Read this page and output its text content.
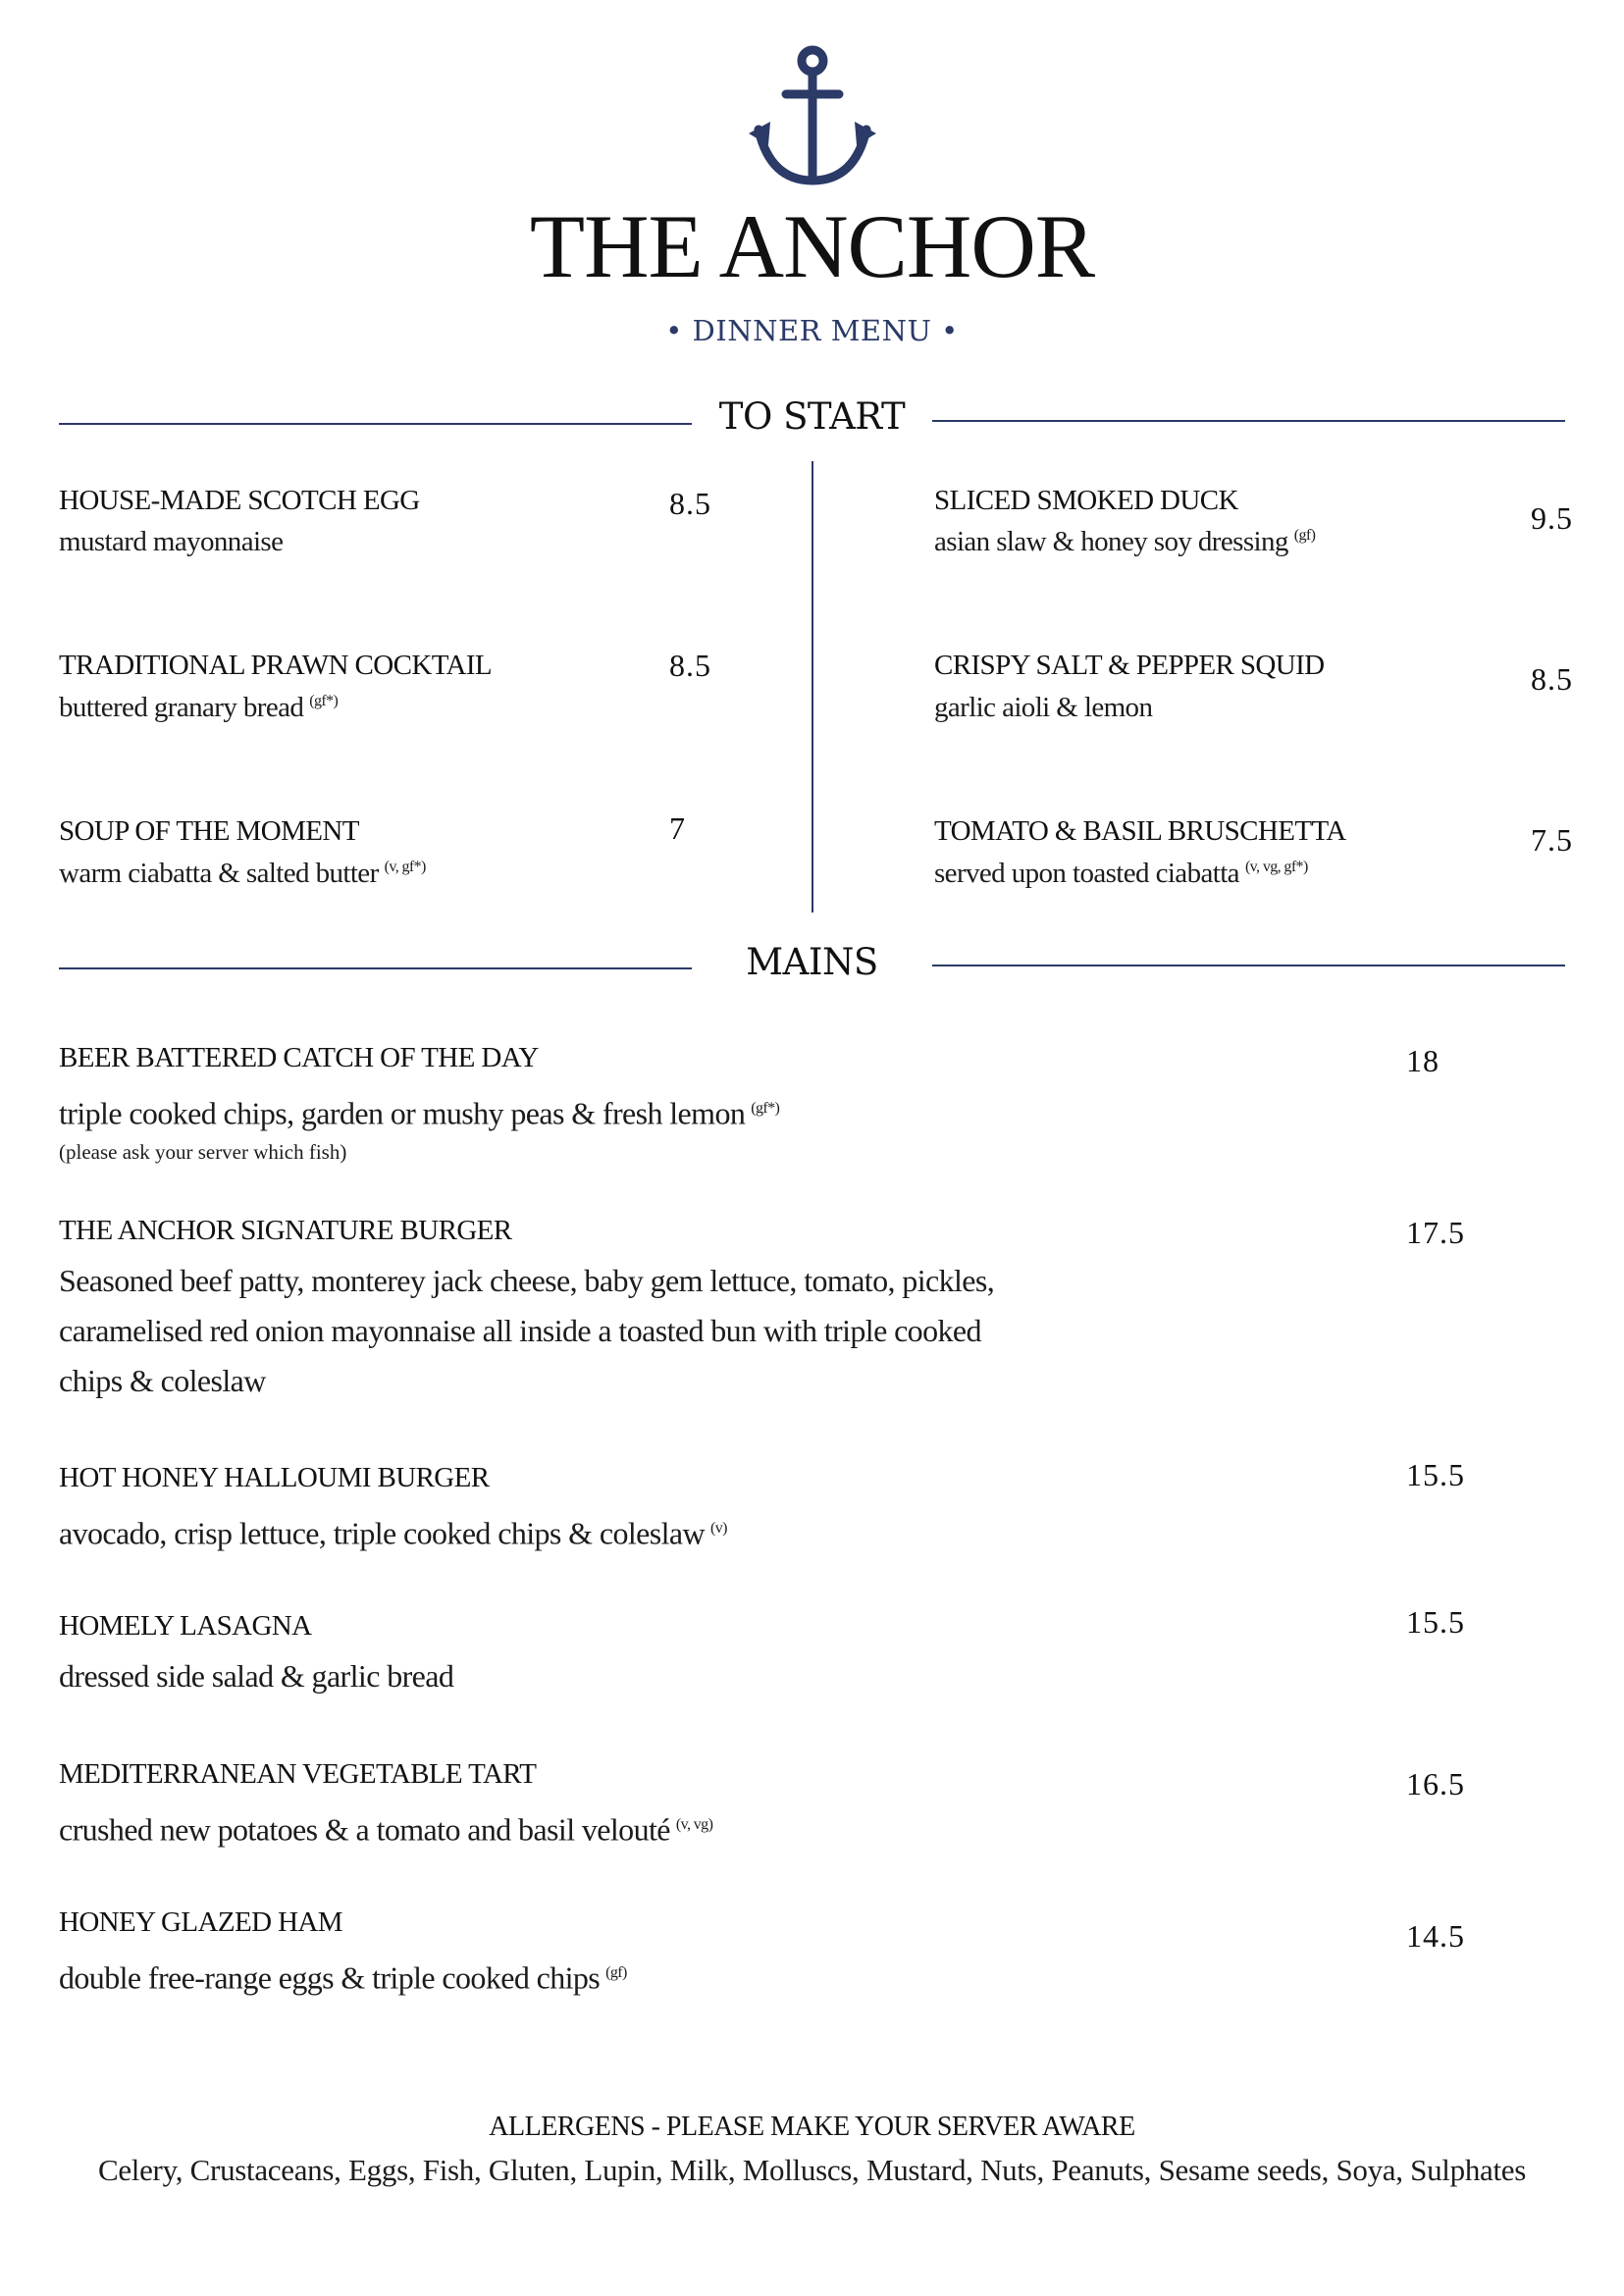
THE ANCHOR
• DINNER MENU •
TO START
HOUSE-MADE SCOTCH EGG
mustard mayonnaise
8.5
TRADITIONAL PRAWN COCKTAIL
buttered granary bread $^{(gf*)}$
8.5
SOUP OF THE MOMENT
warm ciabatta & salted butter $^{(v, gf*)}$
7
SLICED SMOKED DUCK
asian slaw & honey soy dressing $^{(gf)}$	9.5
CRISPY SALT & PEPPER SQUID
garlic aioli & lemon
8.5
TOMATO & BASIL BRUSCHETTA
served upon toasted ciabatta $^{(v, vg, gf*)}$
7.5
MAINS
BEER BATTERED CATCH OF THE DAY
triple cooked chips, garden or mushy peas & fresh lemon $^{(gf*)}$
(please ask your server which fish)
18
THE ANCHOR SIGNATURE BURGER
Seasoned beef patty, monterey jack cheese, baby gem lettuce, tomato, pickles, caramelised red onion mayonnaise all inside a toasted bun with triple cooked chips & coleslaw
17.5
HOT HONEY HALLOUMI BURGER
avocado, crisp lettuce, triple cooked chips & coleslaw $^{(v)}$
15.5
HOMELY LASAGNA
dressed side salad & garlic bread
15.5
MEDITERRANEAN VEGETABLE TART
crushed new potatoes & a tomato and basil velouté $^{(v, vg)}$
16.5
HONEY GLAZED HAM
double free-range eggs & triple cooked chips $^{(gf)}$
14.5
ALLERGENS - PLEASE MAKE YOUR SERVER AWARE
Celery, Crustaceans, Eggs, Fish, Gluten, Lupin, Milk, Molluscs, Mustard, Nuts, Peanuts, Sesame seeds, Soya, Sulphates
